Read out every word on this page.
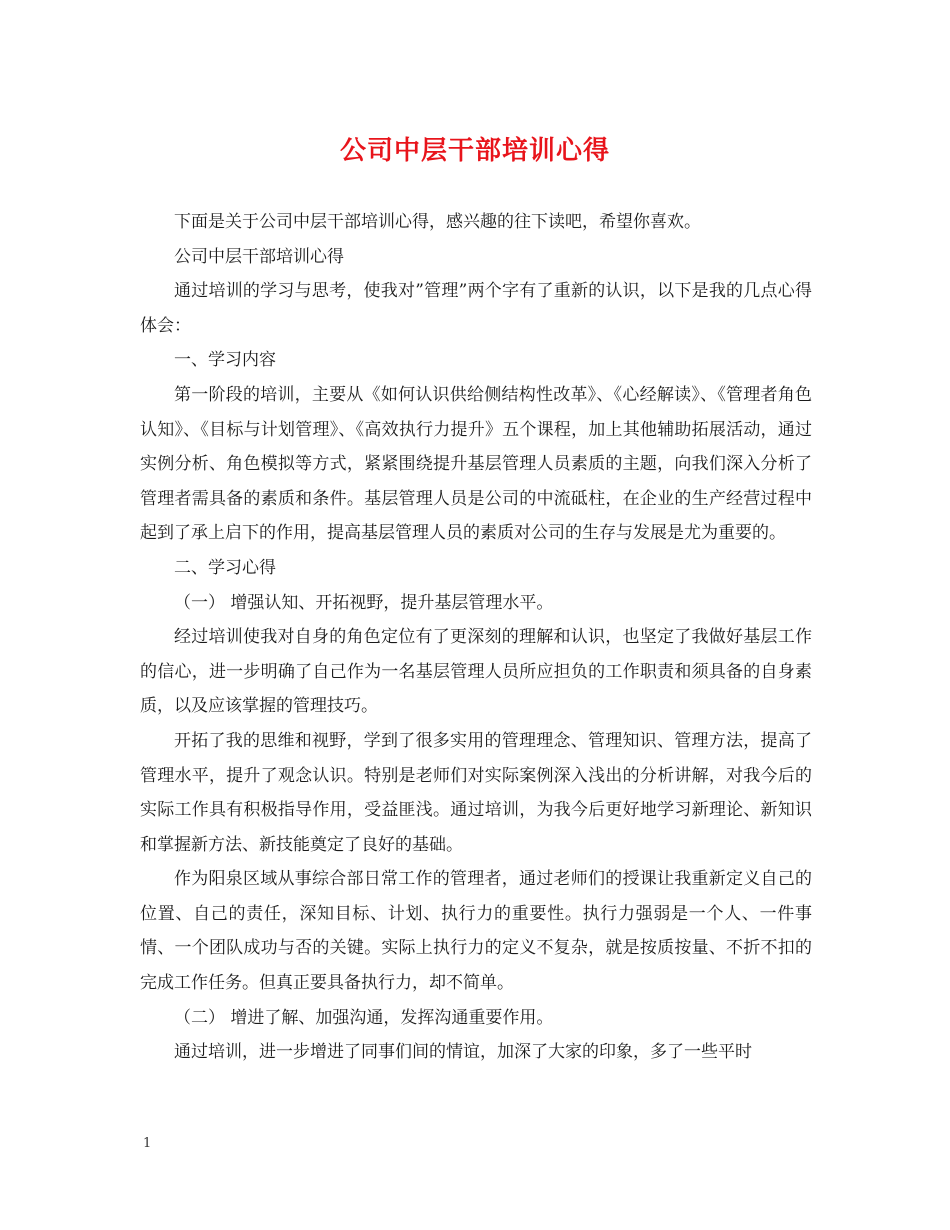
公司中层干部培训心得

下面是关于公司中层干部培训心得，感兴趣的往下读吧，希望你喜欢。

公司中层干部培训心得

通过培训的学习与思考，使我对”管理”两个字有了重新的认识，以下是我的几点心得体会：

一、学习内容

第一阶段的培训，主要从《如何认识供给侧结构性改革》、《心经解读》、《管理者角色认知》、《目标与计划管理》、《高效执行力提升》五个课程，加上其他辅助拓展活动，通过实例分析、角色模拟等方式，紧紧围绕提升基层管理人员素质的主题，向我们深入分析了管理者需具备的素质和条件。基层管理人员是公司的中流砥柱，在企业的生产经营过程中起到了承上启下的作用，提高基层管理人员的素质对公司的生存与发展是尤为重要的。

二、学习心得

（一） 增强认知、开拓视野，提升基层管理水平。

经过培训使我对自身的角色定位有了更深刻的理解和认识，也坚定了我做好基层工作的信心，进一步明确了自己作为一名基层管理人员所应担负的工作职责和须具备的自身素质，以及应该掌握的管理技巧。

开拓了我的思维和视野，学到了很多实用的管理理念、管理知识、管理方法，提高了管理水平，提升了观念认识。特别是老师们对实际案例深入浅出的分析讲解，对我今后的实际工作具有积极指导作用，受益匪浅。通过培训，为我今后更好地学习新理论、新知识和掌握新方法、新技能奠定了良好的基础。

作为阳泉区域从事综合部日常工作的管理者，通过老师们的授课让我重新定义自己的位置、自己的责任，深知目标、计划、执行力的重要性。执行力强弱是一个人、一件事情、一个团队成功与否的关键。实际上执行力的定义不复杂，就是按质按量、不折不扣的完成工作任务。但真正要具备执行力，却不简单。

（二） 增进了解、加强沟通，发挥沟通重要作用。

通过培训，进一步增进了同事们间的情谊，加深了大家的印象，多了一些平时

1
